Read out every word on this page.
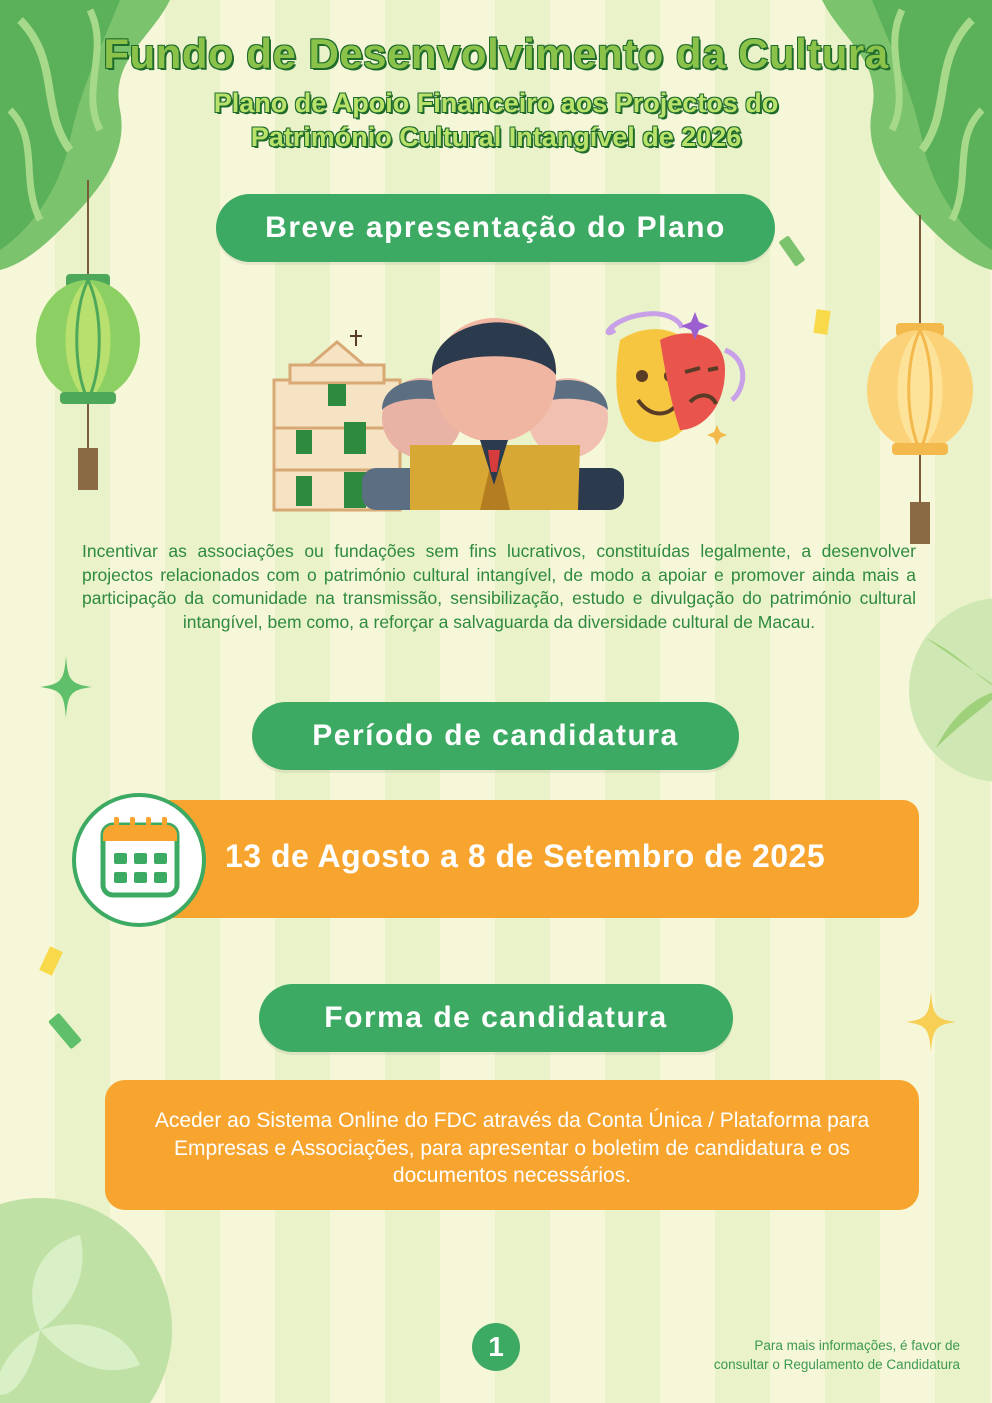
Fundo de Desenvolvimento da Cultura
Plano de Apoio Financeiro aos Projectos do
Património Cultural Intangível de 2026
Breve apresentação do Plano
Incentivar as associações ou fundações sem fins lucrativos, constituídas legalmente, a desenvolver projectos relacionados com o património cultural intangível, de modo a apoiar e promover ainda mais a participação da comunidade na transmissão, sensibilização, estudo e divulgação do património cultural intangível, bem como, a reforçar a salvaguarda da diversidade cultural de Macau.
Período de candidatura
13 de Agosto a 8 de Setembro de 2025
Forma de candidatura
Aceder ao Sistema Online do FDC através da Conta Única / Plataforma para Empresas e Associações, para apresentar o boletim de candidatura e os documentos necessários.
1	Para mais informações, é favor de
consultar o Regulamento de Candidatura
